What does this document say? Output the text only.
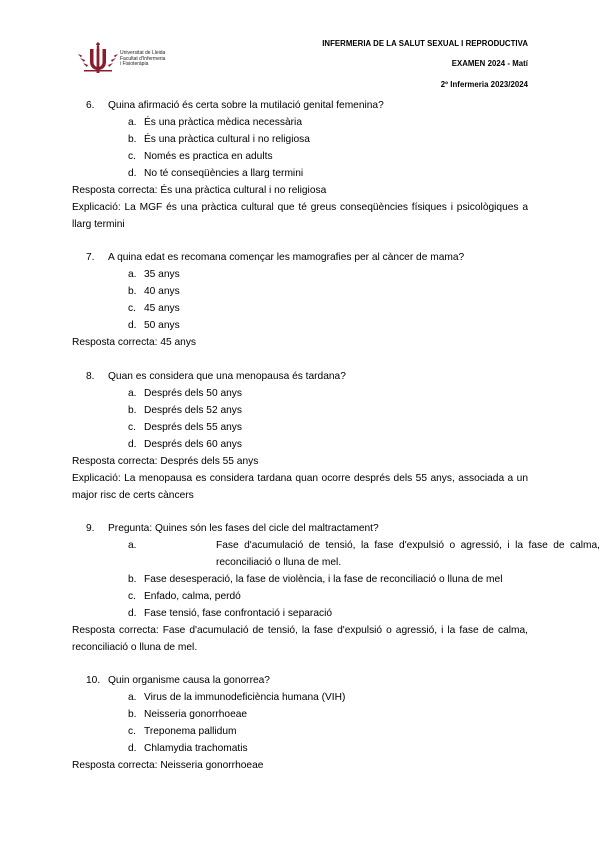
Universitat de Lleida
Facultat d'Infermeria
i Fisioteràpia
INFERMERIA DE LA SALUT SEXUAL I REPRODUCTIVA
EXAMEN 2024 - Matí
2º Infermeria 2023/2024
6. Quina afirmació és certa sobre la mutilació genital femenina?
a. És una pràctica mèdica necessària
b. És una pràctica cultural i no religiosa
c. Només es practica en adults
d. No té conseqüències a llarg termini
Resposta correcta: És una pràctica cultural i no religiosa
Explicació: La MGF és una pràctica cultural que té greus conseqüències físiques i psicològiques a llarg termini
7. A quina edat es recomana començar les mamografies per al càncer de mama?
a. 35 anys
b. 40 anys
c. 45 anys
d. 50 anys
Resposta correcta: 45 anys
8. Quan es considera que una menopausa és tardana?
a. Després dels 50 anys
b. Després dels 52 anys
c. Després dels 55 anys
d. Després dels 60 anys
Resposta correcta: Després dels 55 anys
Explicació: La menopausa es considera tardana quan ocorre després dels 55 anys, associada a un major risc de certs càncers
9. Pregunta: Quines són les fases del cicle del maltractament?
a.	Fase d'acumulació de tensió, la fase d'expulsió o agressió, i la fase de calma, reconciliació o lluna de mel.
b. Fase desesperació, la fase de violència, i la fase de reconciliació o lluna de mel
c. Enfado, calma, perdó
d. Fase tensió, fase confrontació i separació
Resposta correcta: Fase d'acumulació de tensió, la fase d'expulsió o agressió, i la fase de calma, reconciliació o lluna de mel.
10. Quin organisme causa la gonorrea?
a. Virus de la immunodeficiència humana (VIH)
b. Neisseria gonorrhoeae
c. Treponema pallidum
d. Chlamydia trachomatis
Resposta correcta: Neisseria gonorrhoeae
